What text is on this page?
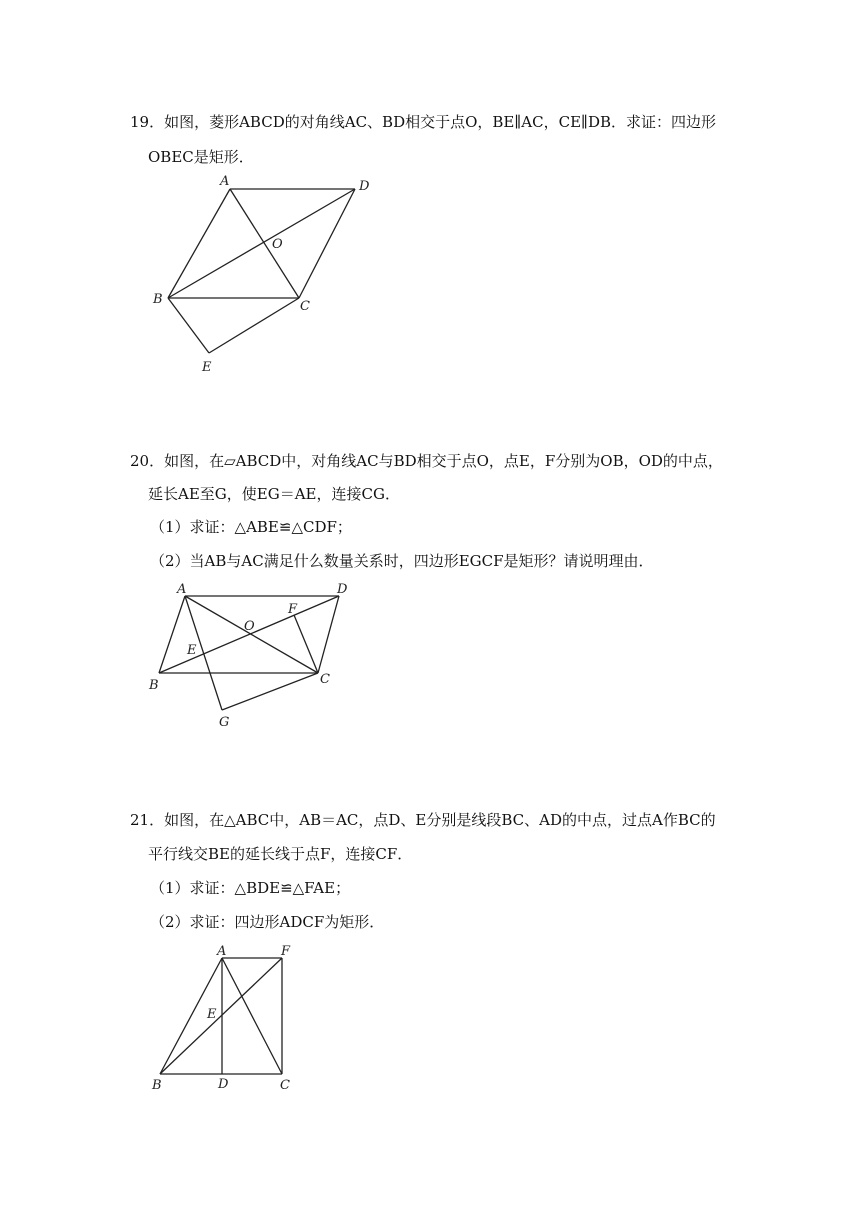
19．如图，菱形ABCD的对角线AC、BD相交于点O，BE∥AC，CE∥DB．求证：四边形
OBEC是矩形．
A	D
O
B	C
E
20．如图，在▱ABCD中，对角线AC与BD相交于点O，点E，F分别为OB，OD的中点，
延长AE至G，使EG＝AE，连接CG．
（1）求证：△ABE≌△CDF；
（2）当AB与AC满足什么数量关系时，四边形EGCF是矩形？请说明理由．
A	D
F
O
E
B	C
G
21．如图，在△ABC中，AB＝AC，点D、E分别是线段BC、AD的中点，过点A作BC的
平行线交BE的延长线于点F，连接CF．
（1）求证：△BDE≌△FAE；
（2）求证：四边形ADCF为矩形．
A	F
E
B	D	C
